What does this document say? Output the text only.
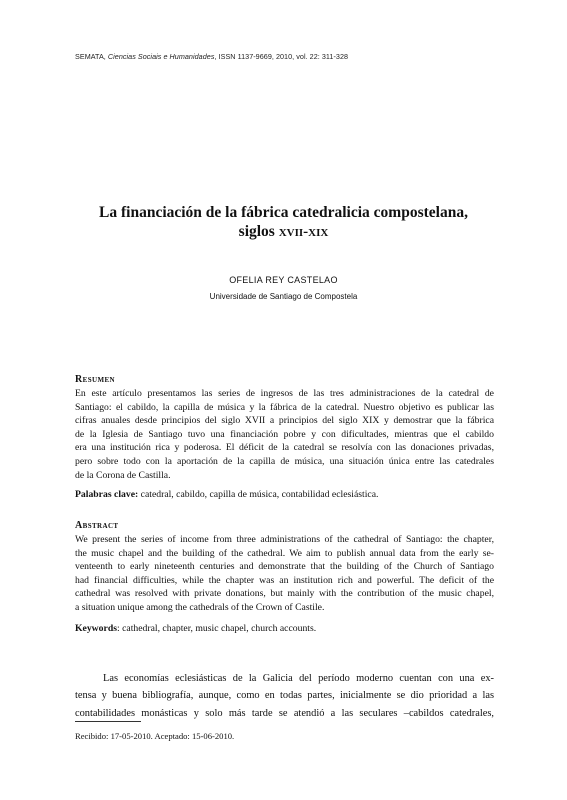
SEMATA, Ciencias Sociais e Humanidades, ISSN 1137-9669, 2010, vol. 22: 311-328
La financiación de la fábrica catedralicia compostelana,
siglos xvii-xix
OFELIA REY CASTELAO
Universidade de Santiago de Compostela
Resumen
En este artículo presentamos las series de ingresos de las tres administraciones de la catedral de
Santiago: el cabildo, la capilla de música y la fábrica de la catedral. Nuestro objetivo es publicar las
cifras anuales desde principios del siglo XVII a principios del siglo XIX y demostrar que la fábrica
de la Iglesia de Santiago tuvo una financiación pobre y con dificultades, mientras que el cabildo
era una institución rica y poderosa. El déficit de la catedral se resolvía con las donaciones privadas,
pero sobre todo con la aportación de la capilla de música, una situación única entre las catedrales
de la Corona de Castilla.
Palabras clave: catedral, cabildo, capilla de música, contabilidad eclesiástica.
Abstract
We present the series of income from three administrations of the cathedral of Santiago: the chapter,
the music chapel and the building of the cathedral. We aim to publish annual data from the early se-
venteenth to early nineteenth centuries and demonstrate that the building of the Church of Santiago
had financial difficulties, while the chapter was an institution rich and powerful. The deficit of the
cathedral was resolved with private donations, but mainly with the contribution of the music chapel,
a situation unique among the cathedrals of the Crown of Castile.
Keywords: cathedral, chapter, music chapel, church accounts.
Las economías eclesiásticas de la Galicia del período moderno cuentan con una ex-
tensa y buena bibliografía, aunque, como en todas partes, inicialmente se dio prioridad a las
contabilidades monásticas y solo más tarde se atendió a las seculares –cabildos catedrales,
Recibido: 17-05-2010. Aceptado: 15-06-2010.
